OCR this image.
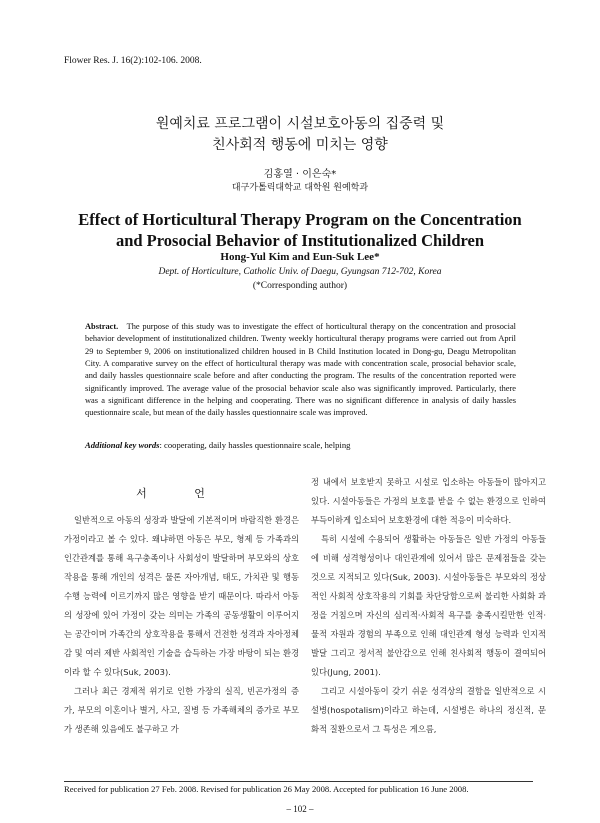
Flower Res. J. 16(2):102-106. 2008.
원예치료 프로그램이 시설보호아동의 집중력 및
친사회적 행동에 미치는 영향
김홍열 · 이은숙*
대구가톨릭대학교 대학원 원예학과
Effect of Horticultural Therapy Program on the Concentration
and Prosocial Behavior of Institutionalized Children
Hong-Yul Kim and Eun-Suk Lee*
Dept. of Horticulture, Catholic Univ. of Daegu, Gyungsan 712-702, Korea
(*Corresponding author)
Abstract. The purpose of this study was to investigate the effect of horticultural therapy on the concentration and prosocial behavior development of institutionalized children. Twenty weekly horticultural therapy programs were carried out from April 29 to September 9, 2006 on institutionalized children housed in B Child Institution located in Dong-gu, Deagu Metropolitan City. A comparative survey on the effect of horticultural therapy was made with concentration scale, prosocial behavior scale, and daily hassles questionnaire scale before and after conducting the program. The results of the concentration reported were significantly improved. The average value of the prosocial behavior scale also was significantly improved. Particularly, there was a significant difference in the helping and cooperating. There was no significant difference in analysis of daily hassles questionnaire scale, but mean of the daily hassles questionnaire scale was improved.
Additional key words: cooperating, daily hassles questionnaire scale, helping
서 언

일반적으로 아동의 성장과 발달에 기본적이며 바람직한 환경은 가정이라고 볼 수 있다. 왜냐하면 아동은 부모, 형제 등 가족과의 인간관계를 통해 욕구충족이나 사회성이 발달하며 부모와의 상호작용을 통해 개인의 성격은 물론 자아개념, 태도, 가치관 및 행동수행 능력에 이르기까지 많은 영향을 받기 때문이다. 따라서 아동의 성장에 있어 가정이 갖는 의미는 가족의 공동생활이 이루어지는 공간이며 가족간의 상호작용을 통해서 건전한 성격과 자아정체감 및 여러 제반 사회적인 기술을 습득하는 가장 바탕이 되는 환경이라 할 수 있다(Suk, 2003).

그러나 최근 경제적 위기로 인한 가장의 실직, 빈곤가정의 증가, 부모의 이혼이나 별거, 사고, 질병 등 가족해체의 증가로 부모가 생존해 있음에도 불구하고 가

정 내에서 보호받지 못하고 시설로 입소하는 아동들이 많아지고 있다. 시설아동들은 가정의 보호를 받을 수 없는 환경으로 인하여 부득이하게 입소되어 보호환경에 대한 적응이 미숙하다.

특히 시설에 수용되어 생활하는 아동들은 일반 가정의 아동들에 비해 성격형성이나 대인관계에 있어서 많은 문제점들을 갖는 것으로 지적되고 있다(Suk, 2003). 시설아동들은 부모와의 정상적인 사회적 상호작용의 기회를 차단당함으로써 불리한 사회화 과정을 거침으며 자신의 심리적·사회적 욕구를 충족시킬만한 인적·물적 자원과 경험의 부족으로 인해 대인관계 형성 능력과 인지적 발달 그리고 정서적 불안감으로 인해 친사회적 행동이 결여되어 있다(Jung, 2001).

그리고 시설아동이 갖기 쉬운 성격상의 결함을 일반적으로 시설병(hospotalism)이라고 하는데, 시설병은 하나의 정신적, 문화적 질환으로서 그 특성은 게으름,

Received for publication 27 Feb. 2008. Revised for publication 26 May 2008. Accepted for publication 16 June 2008.
– 102 –
